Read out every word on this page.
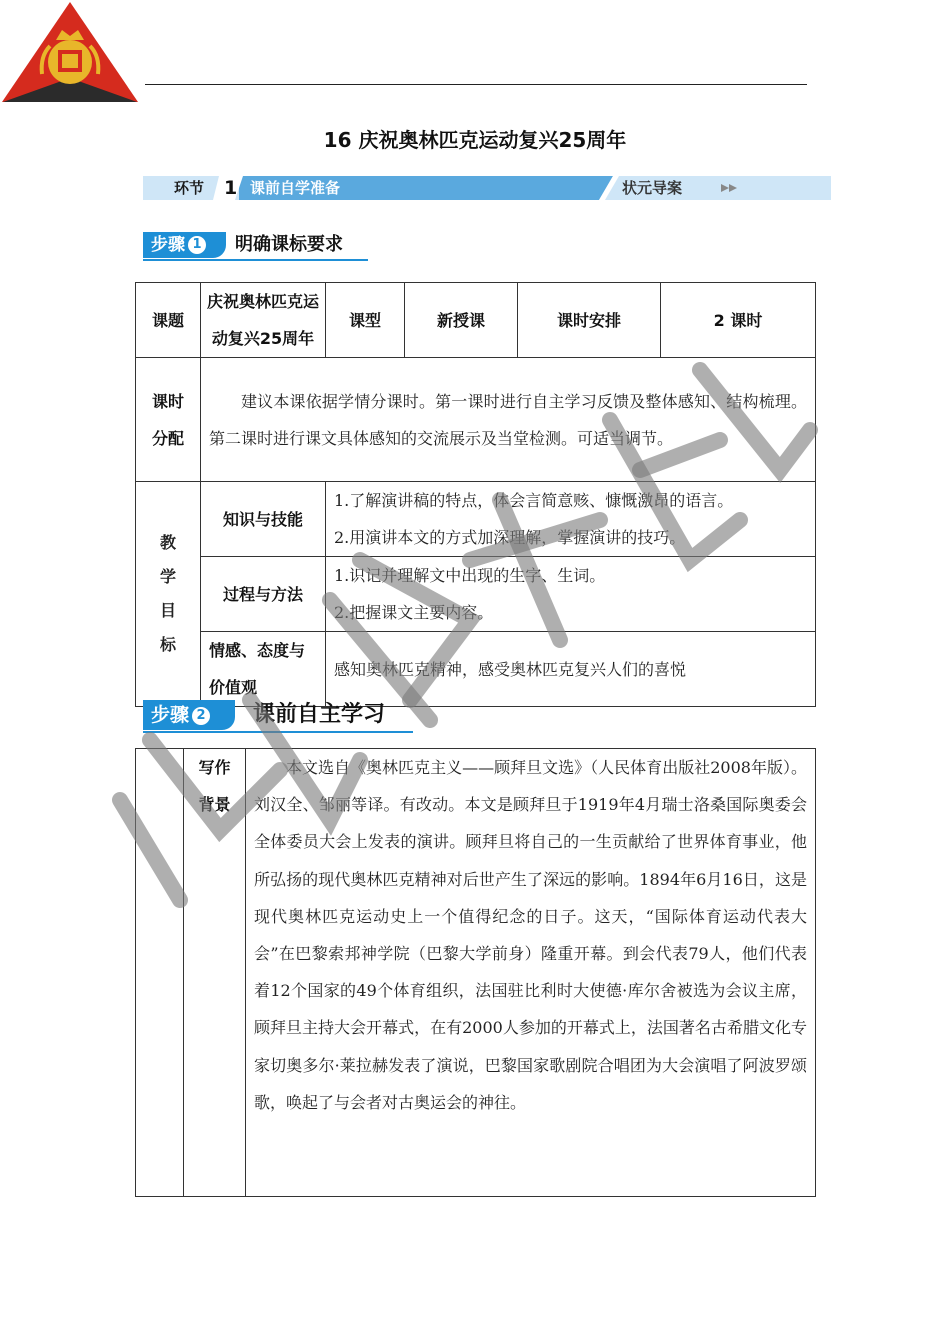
16 庆祝奥林匹克运动复兴25周年
环节 1 课前自学准备	状元导案
步骤 1	明确课标要求
课题	庆祝奥林匹克运
动复兴25周年	课型	新授课	课时安排	2 课时
课时
分配	建议本课依据学情分课时。第一课时进行自主学习反馈及整体感知、结构梳理。第二课时进行课文具体感知的交流展示及当堂检测。可适当调节。				
教
学
目
标	知识与技能	1.了解演讲稿的特点，体会言简意赅、慷慨激昂的语言。
2.用演讲本文的方式加深理解，掌握演讲的技巧。			
	过程与方法	1.识记并理解文中出现的生字、生词。
2.把握课文主要内容。			
	情感、态度与
价值观	感知奥林匹克精神，感受奥林匹克复兴人们的喜悦			
步骤 2	课前自主学习
	写作
背景	本文选自《奥林匹克主义——顾拜旦文选》（人民体育出版社2008年版）。刘汉全、邹丽等译。有改动。本文是顾拜旦于1919年4月瑞士洛桑国际奥委会全体委员大会上发表的演讲。顾拜旦将自己的一生贡献给了世界体育事业，他所弘扬的现代奥林匹克精神对后世产生了深远的影响。1894年6月16日，这是现代奥林匹克运动史上一个值得纪念的日子。这天，“国际体育运动代表大会”在巴黎索邦神学院（巴黎大学前身）隆重开幕。到会代表79人，他们代表着12个国家的49个体育组织，法国驻比利时大使德·库尔舍被选为会议主席，顾拜旦主持大会开幕式，在有2000人参加的开幕式上，法国著名古希腊文化专家切奥多尔·莱拉赫发表了演说，巴黎国家歌剧院合唱团为大会演唱了阿波罗颂歌，唤起了与会者对古奥运会的神往。
